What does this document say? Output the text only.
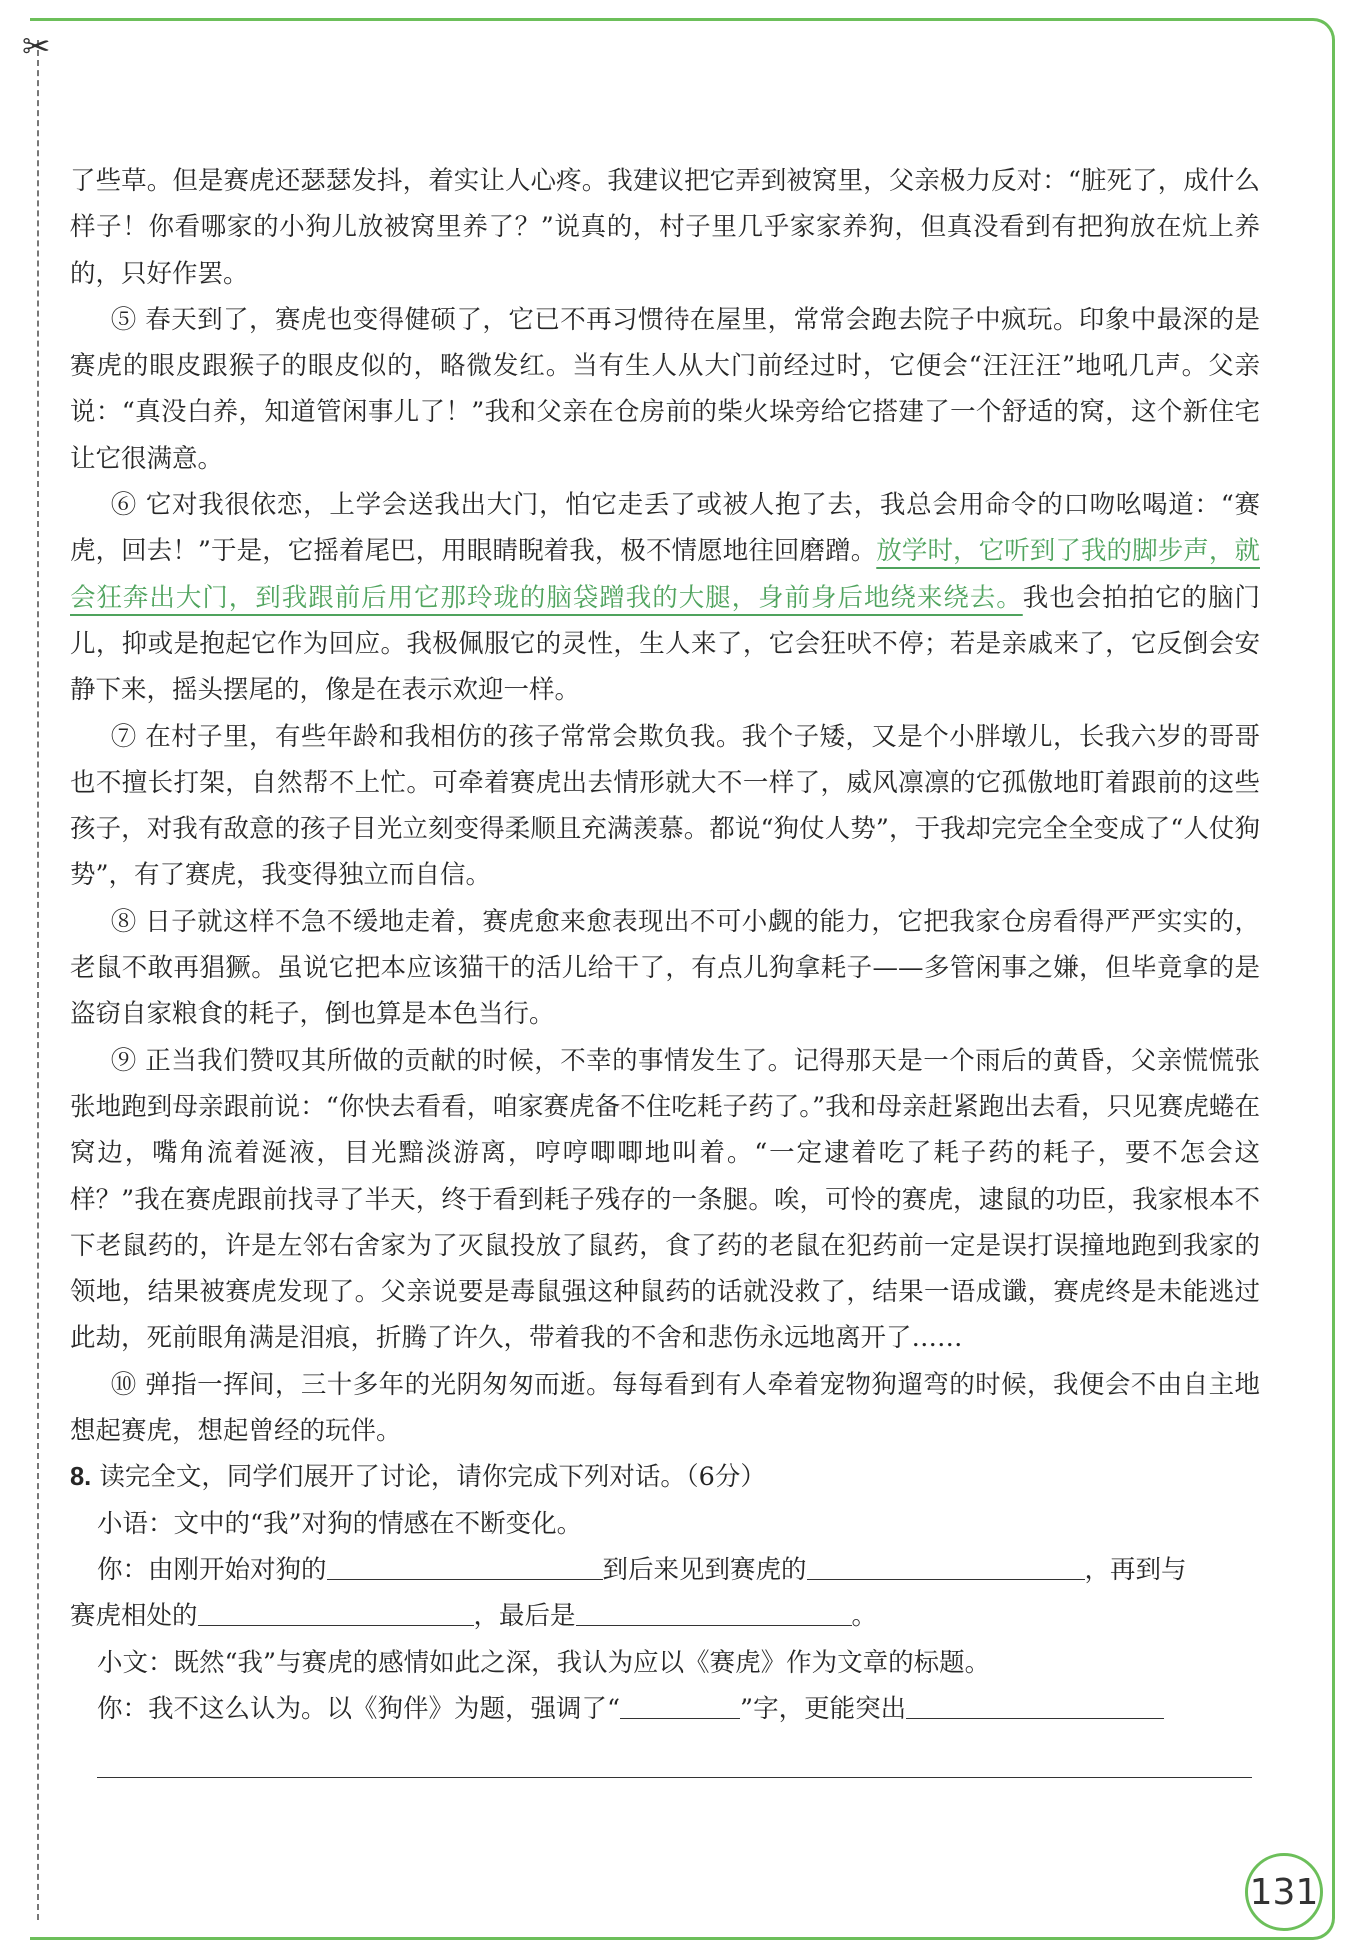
✂

了些草。但是赛虎还瑟瑟发抖，着实让人心疼。我建议把它弄到被窝里，父亲极力反对：“脏死了，成什么样子！你看哪家的小狗儿放被窝里养了？”说真的，村子里几乎家家养狗，但真没看到有把狗放在炕上养的，只好作罢。

⑤ 春天到了，赛虎也变得健硕了，它已不再习惯待在屋里，常常会跑去院子中疯玩。印象中最深的是赛虎的眼皮跟猴子的眼皮似的，略微发红。当有生人从大门前经过时，它便会“汪汪汪”地吼几声。父亲说：“真没白养，知道管闲事儿了！”我和父亲在仓房前的柴火垛旁给它搭建了一个舒适的窝，这个新住宅让它很满意。

⑥ 它对我很依恋，上学会送我出大门，怕它走丢了或被人抱了去，我总会用命令的口吻吆喝道：“赛虎，回去！”于是，它摇着尾巴，用眼睛睨着我，极不情愿地往回磨蹭。放学时，它听到了我的脚步声，就会狂奔出大门，到我跟前后用它那玲珑的脑袋蹭我的大腿，身前身后地绕来绕去。我也会拍拍它的脑门儿，抑或是抱起它作为回应。我极佩服它的灵性，生人来了，它会狂吠不停；若是亲戚来了，它反倒会安静下来，摇头摆尾的，像是在表示欢迎一样。

⑦ 在村子里，有些年龄和我相仿的孩子常常会欺负我。我个子矮，又是个小胖墩儿，长我六岁的哥哥也不擅长打架，自然帮不上忙。可牵着赛虎出去情形就大不一样了，威风凛凛的它孤傲地盯着跟前的这些孩子，对我有敌意的孩子目光立刻变得柔顺且充满羡慕。都说“狗仗人势”，于我却完完全全变成了“人仗狗势”，有了赛虎，我变得独立而自信。

⑧ 日子就这样不急不缓地走着，赛虎愈来愈表现出不可小觑的能力，它把我家仓房看得严严实实的，老鼠不敢再猖獗。虽说它把本应该猫干的活儿给干了，有点儿狗拿耗子——多管闲事之嫌，但毕竟拿的是盗窃自家粮食的耗子，倒也算是本色当行。

⑨ 正当我们赞叹其所做的贡献的时候，不幸的事情发生了。记得那天是一个雨后的黄昏，父亲慌慌张张地跑到母亲跟前说：“你快去看看，咱家赛虎备不住吃耗子药了。”我和母亲赶紧跑出去看，只见赛虎蜷在窝边，嘴角流着涎液，目光黯淡游离，哼哼唧唧地叫着。“一定逮着吃了耗子药的耗子，要不怎会这样？”我在赛虎跟前找寻了半天，终于看到耗子残存的一条腿。唉，可怜的赛虎，逮鼠的功臣，我家根本不下老鼠药的，许是左邻右舍家为了灭鼠投放了鼠药，食了药的老鼠在犯药前一定是误打误撞地跑到我家的领地，结果被赛虎发现了。父亲说要是毒鼠强这种鼠药的话就没救了，结果一语成谶，赛虎终是未能逃过此劫，死前眼角满是泪痕，折腾了许久，带着我的不舍和悲伤永远地离开了……

⑩ 弹指一挥间，三十多年的光阴匆匆而逝。每每看到有人牵着宠物狗遛弯的时候，我便会不由自主地想起赛虎，想起曾经的玩伴。

8. 读完全文，同学们展开了讨论，请你完成下列对话。（6分）

小语：文中的“我”对狗的情感在不断变化。

你：由刚开始对狗的	到后来见到赛虎的	，再到与

赛虎相处的	，最后是	。

小文：既然“我”与赛虎的感情如此之深，我认为应以《赛虎》作为文章的标题。

你：我不这么认为。以《狗伴》为题，强调了“	”字，更能突出

131
